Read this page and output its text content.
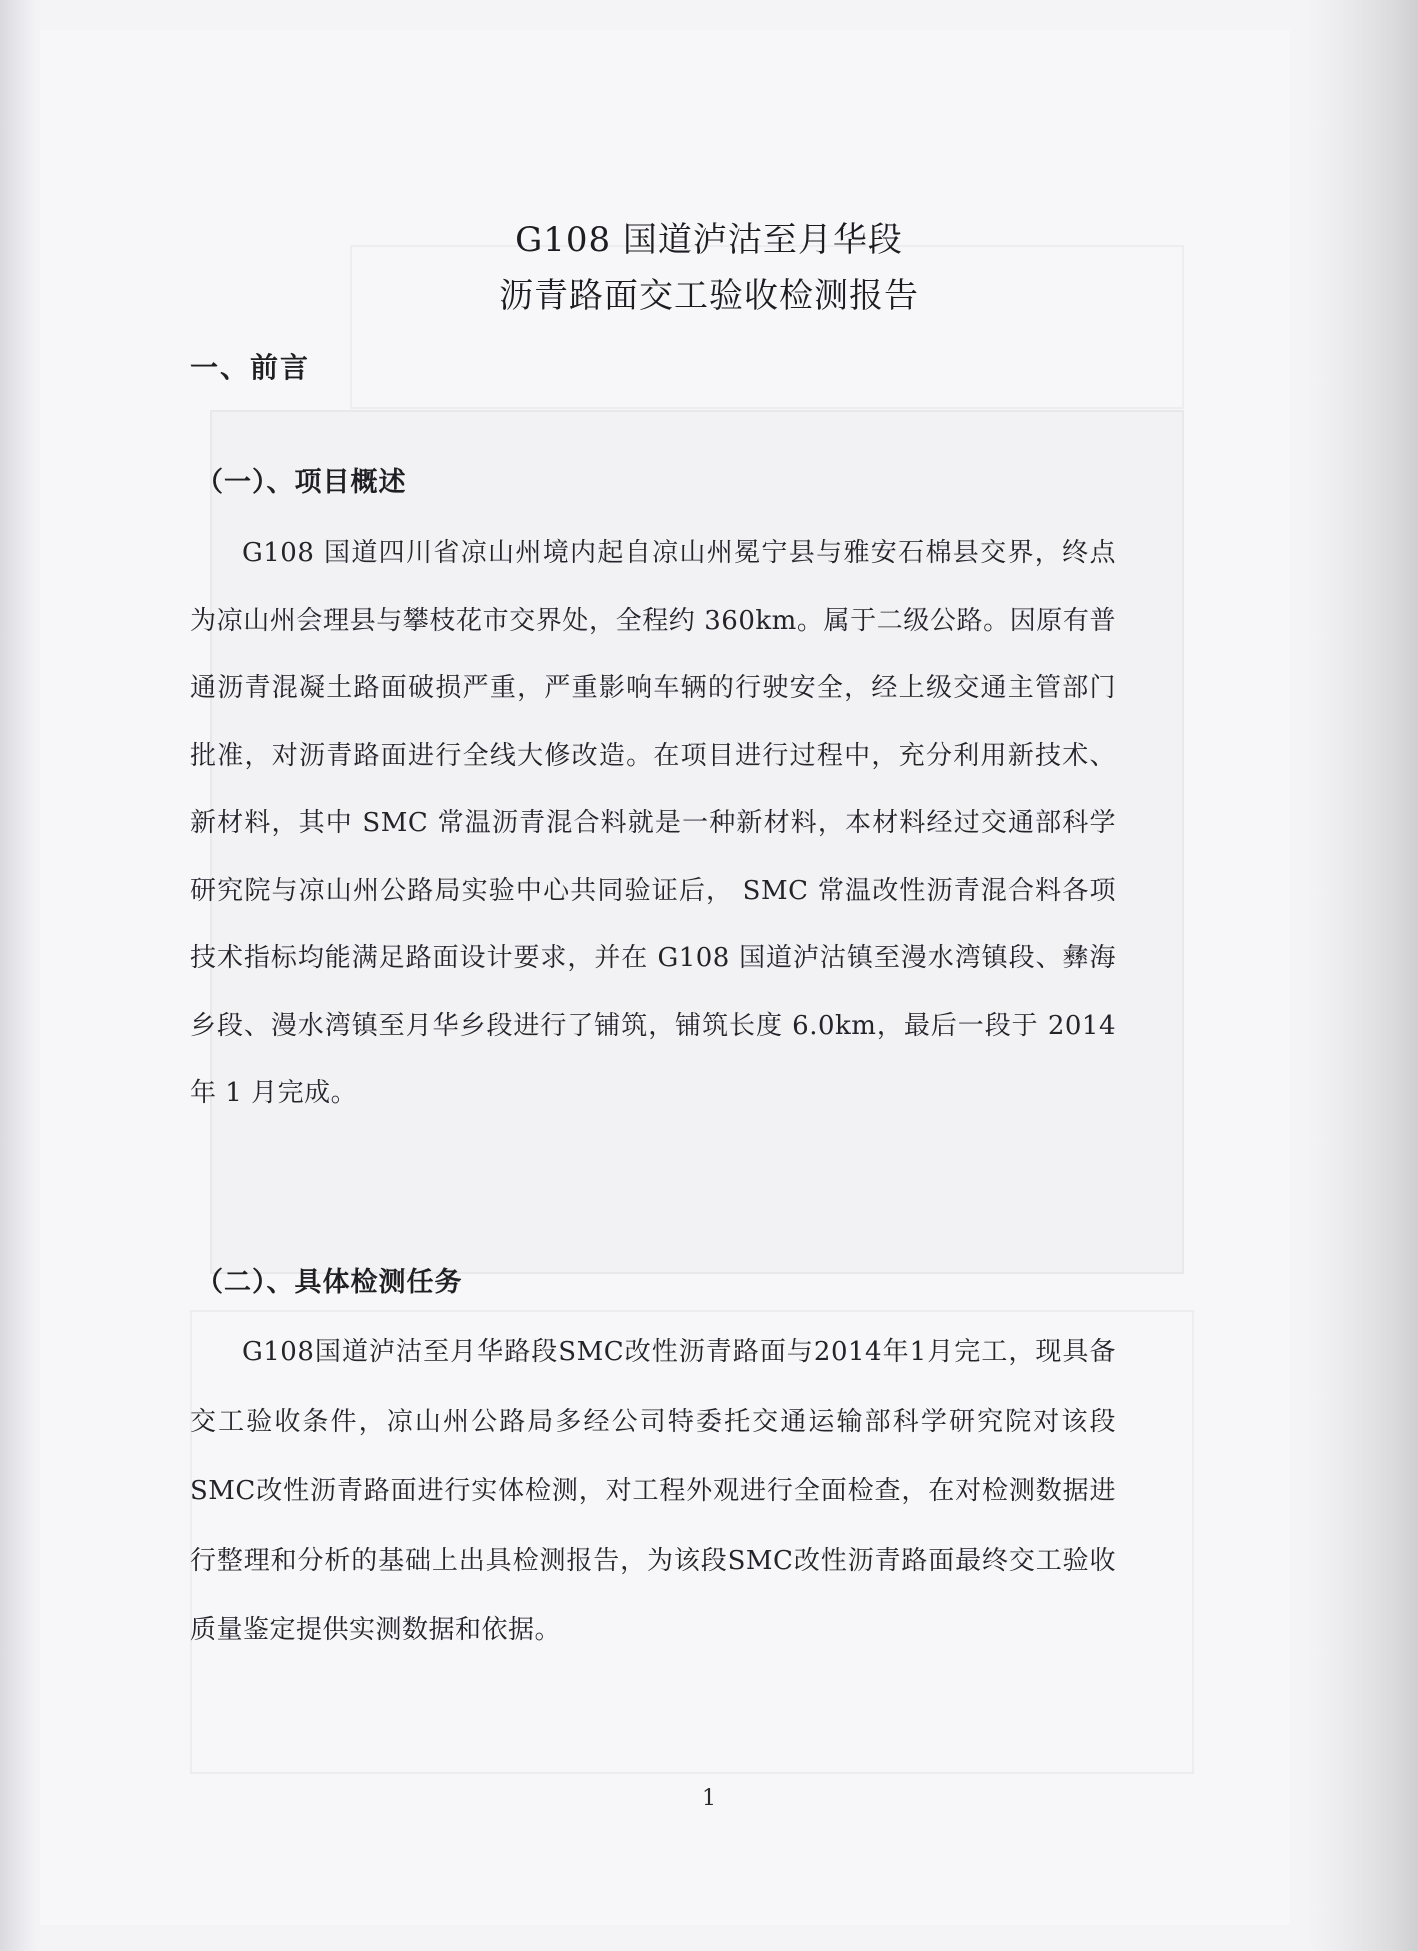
G108 国道泸沽至月华段
沥青路面交工验收检测报告
一、前言
（一）、项目概述
G108 国道四川省凉山州境内起自凉山州冕宁县与雅安石棉县交界，终点为凉山州会理县与攀枝花市交界处，全程约 360km。属于二级公路。因原有普通沥青混凝土路面破损严重，严重影响车辆的行驶安全，经上级交通主管部门批准，对沥青路面进行全线大修改造。在项目进行过程中，充分利用新技术、新材料，其中 SMC 常温沥青混合料就是一种新材料，本材料经过交通部科学研究院与凉山州公路局实验中心共同验证后， SMC 常温改性沥青混合料各项技术指标均能满足路面设计要求，并在 G108 国道泸沽镇至漫水湾镇段、彝海乡段、漫水湾镇至月华乡段进行了铺筑，铺筑长度 6.0km，最后一段于 2014 年 1 月完成。
（二）、具体检测任务
G108国道泸沽至月华路段SMC改性沥青路面与2014年1月完工，现具备交工验收条件，凉山州公路局多经公司特委托交通运输部科学研究院对该段SMC改性沥青路面进行实体检测，对工程外观进行全面检查，在对检测数据进行整理和分析的基础上出具检测报告，为该段SMC改性沥青路面最终交工验收质量鉴定提供实测数据和依据。
1
